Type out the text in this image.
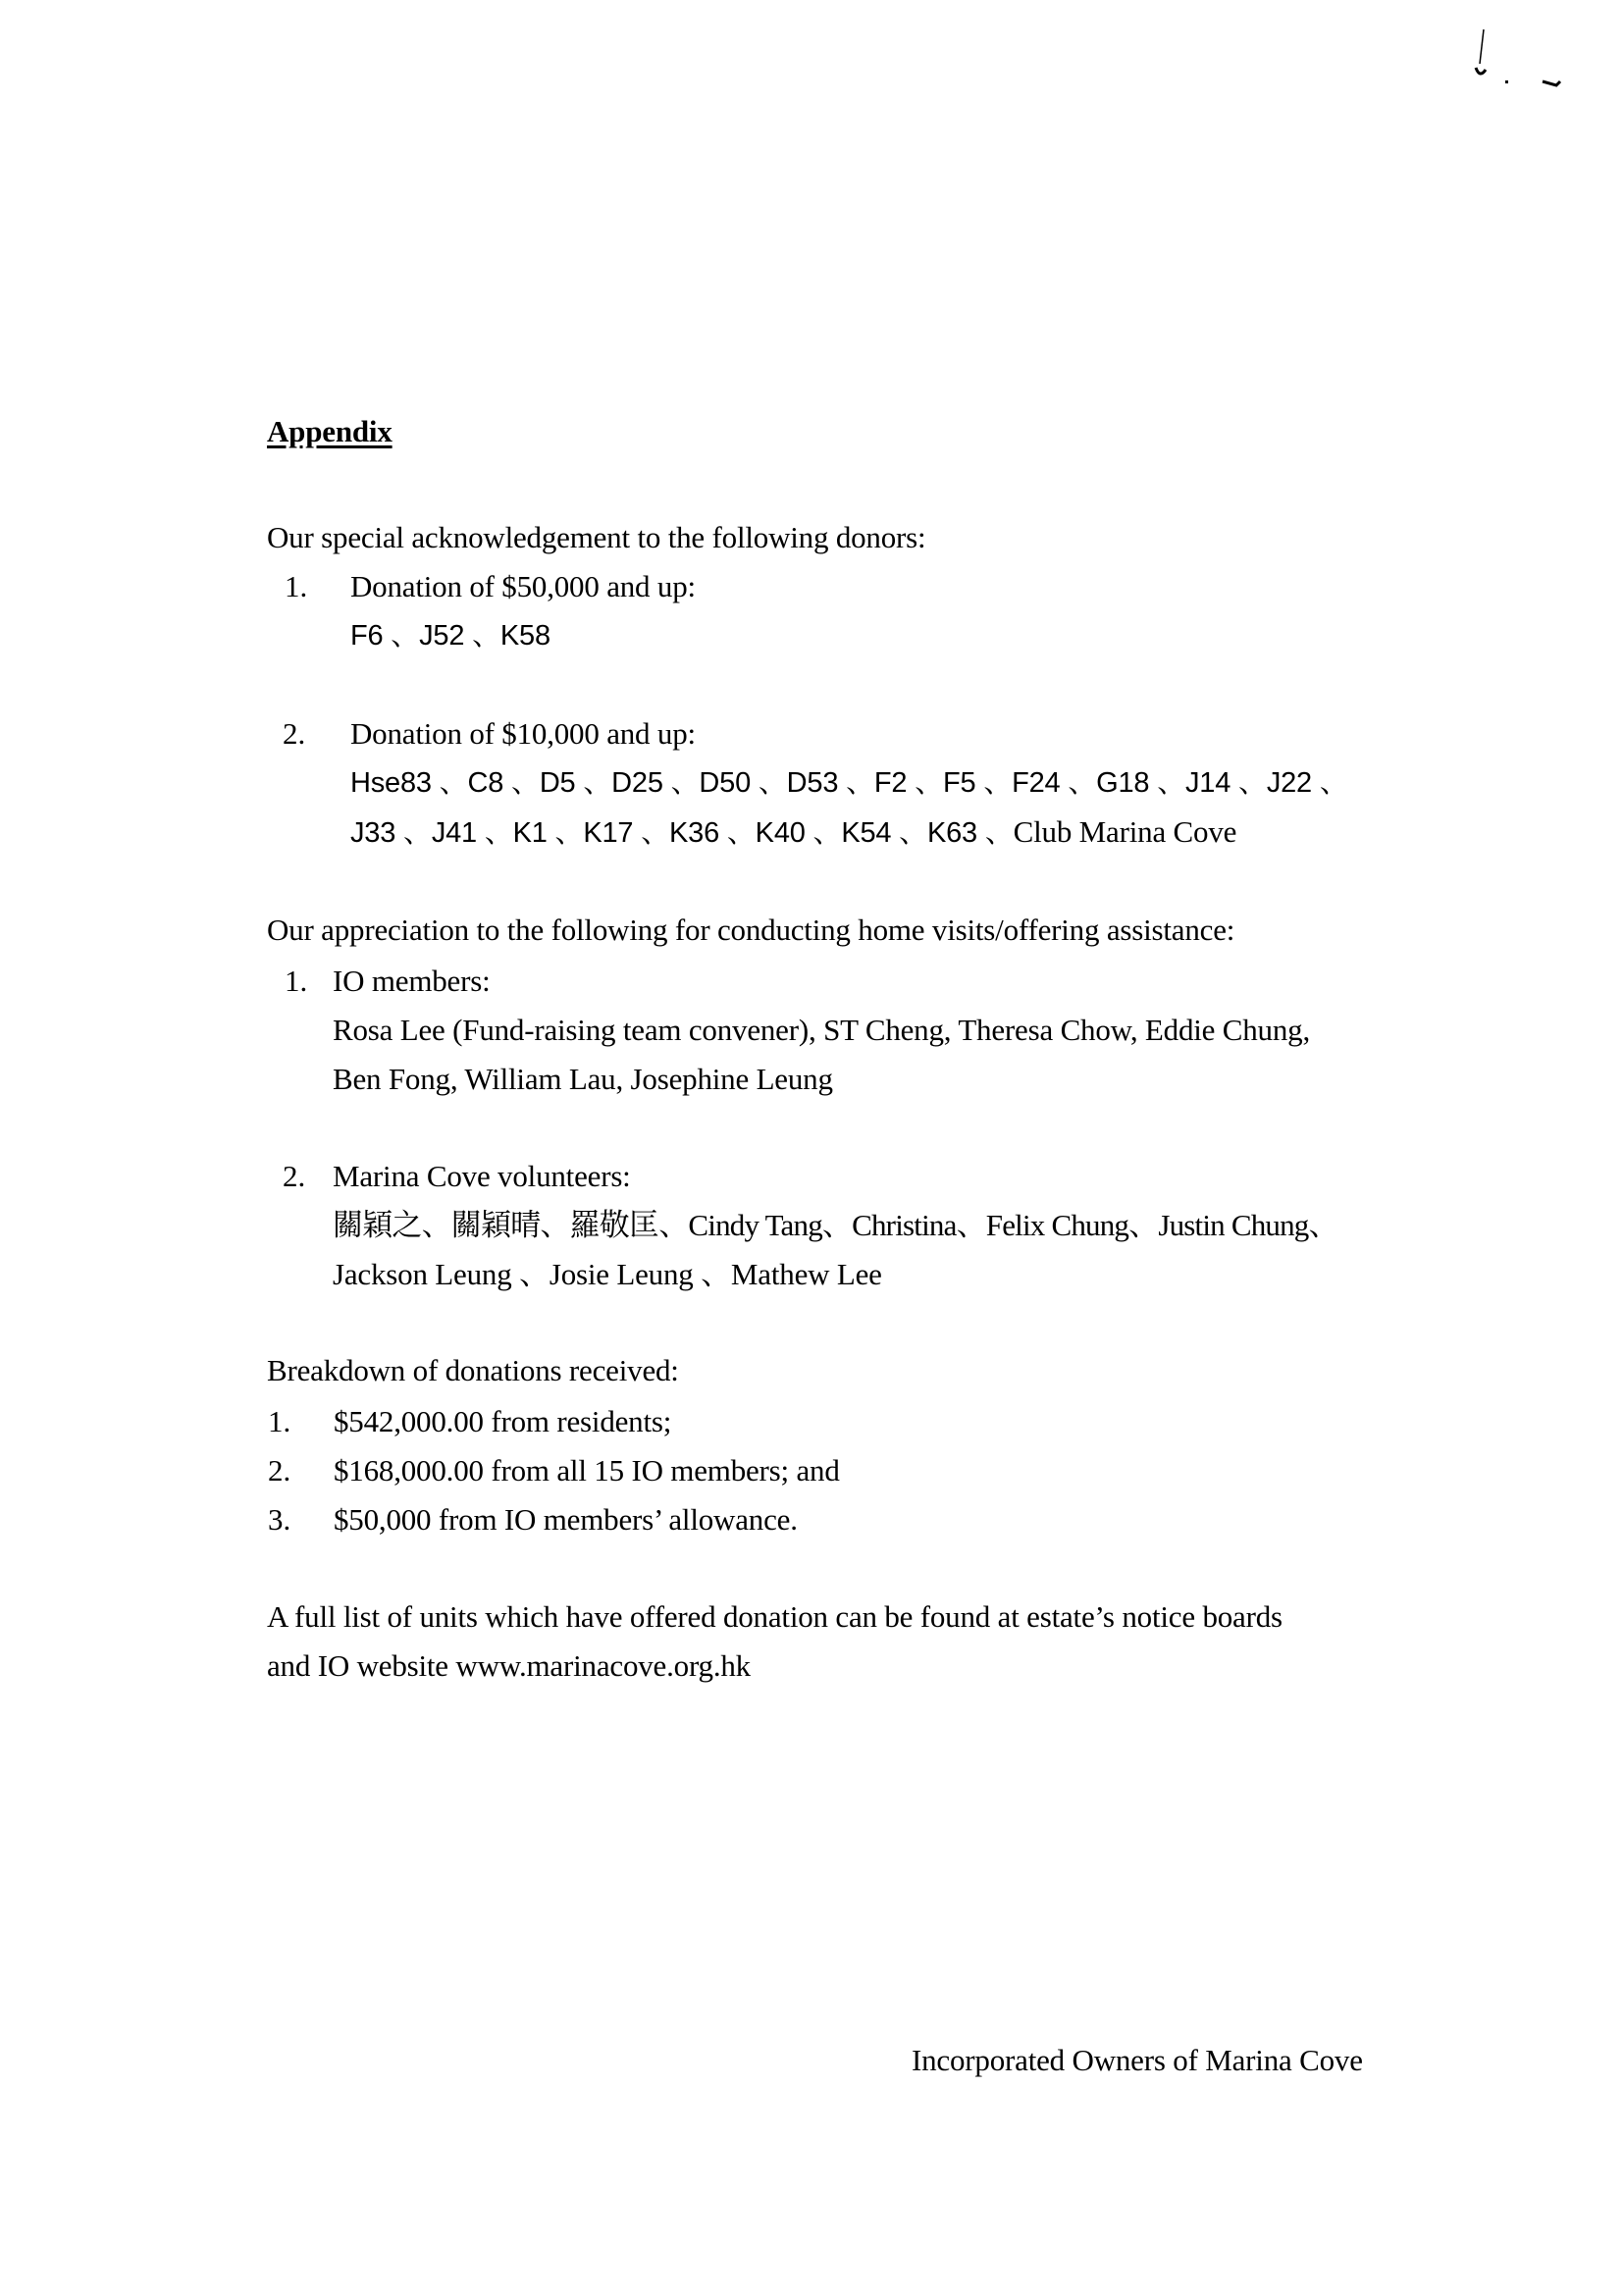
Appendix
Our special acknowledgement to the following donors:
1. Donation of $50,000 and up:
F6 、J52 、K58
2. Donation of $10,000 and up:
Hse83 、C8 、D5 、D25 、D50 、D53 、F2 、F5 、F24 、G18 、J14 、J22 、
J33 、J41 、K1 、K17 、K36 、K40 、K54 、K63 、Club Marina Cove
Our appreciation to the following for conducting home visits/offering assistance:
1. IO members:
Rosa Lee (Fund-raising team convener), ST Cheng, Theresa Chow, Eddie Chung,
Ben Fong, William Lau, Josephine Leung
2. Marina Cove volunteers:
關穎之、關穎晴、羅敬匡、Cindy Tang、Christina、Felix Chung、Justin Chung、
Jackson Leung 、Josie Leung 、Mathew Lee
Breakdown of donations received:
1. $542,000.00 from residents;
2. $168,000.00 from all 15 IO members; and
3. $50,000 from IO members’ allowance.
A full list of units which have offered donation can be found at estate’s notice boards
and IO website www.marinacove.org.hk
Incorporated Owners of Marina Cove
